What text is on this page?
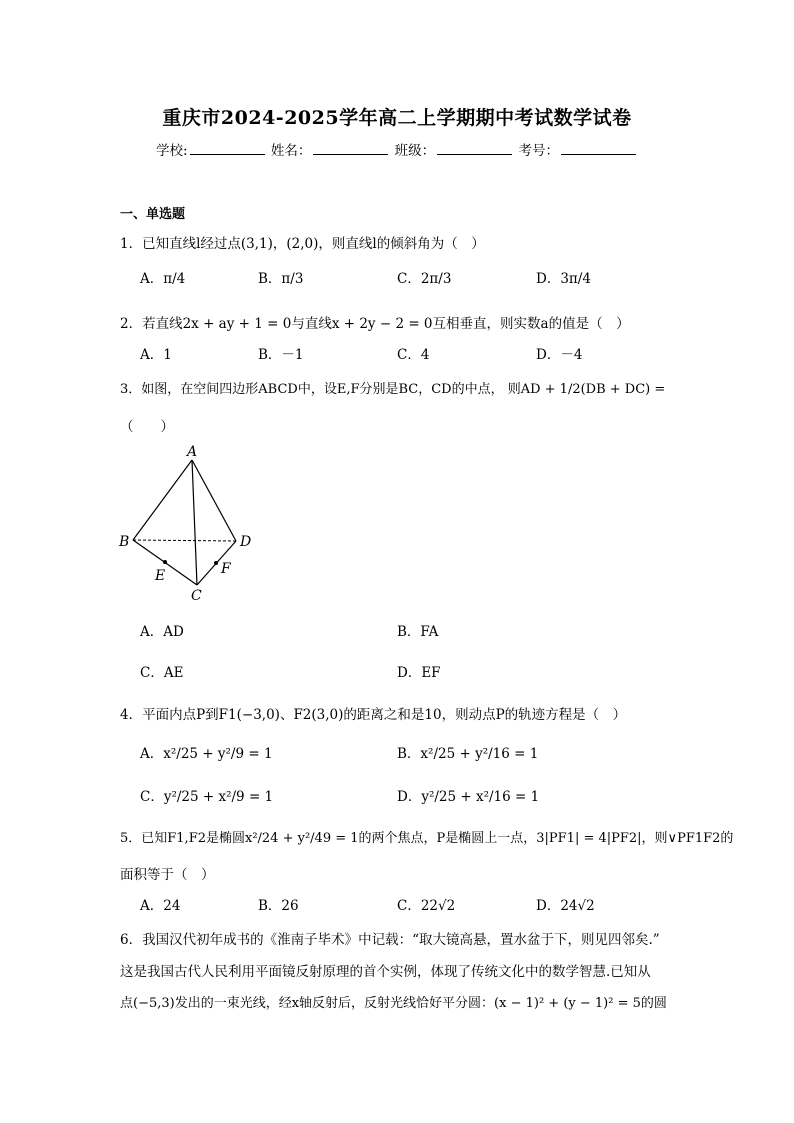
重庆市2024-2025学年高二上学期期中考试数学试卷
学校:	姓名：	班级：	考号：
一、单选题
1．已知直线l经过点(3,1)，(2,0)，则直线l的倾斜角为（　）
A．π/4	B．π/3	C．2π/3	D．3π/4
2．若直线2x + ay + 1 = 0与直线x + 2y − 2 = 0互相垂直，则实数a的值是（　）
A．1	B．－1	C．4	D．－4
3．如图，在空间四边形ABCD中，设E,F分别是BC，CD的中点， 则AD + 1/2(DB + DC) =
（　　）
A
B	D
E	F
C
A．AD	B．FA
C．AE	D．EF
4．平面内点P到F1(−3,0)、F2(3,0)的距离之和是10，则动点P的轨迹方程是（　）
A．x²/25 + y²/9 = 1	B．x²/25 + y²/16 = 1
C．y²/25 + x²/9 = 1	D．y²/25 + x²/16 = 1
5．已知F1,F2是椭圆x²/24 + y²/49 = 1的两个焦点，P是椭圆上一点，3|PF1| = 4|PF2|，则∨PF1F2的
面积等于（　）
A．24	B．26	C．22√2	D．24√2
6．我国汉代初年成书的《淮南子毕术》中记载：“取大镜高悬，置水盆于下，则见四邻矣.”
这是我国古代人民利用平面镜反射原理的首个实例，体现了传统文化中的数学智慧.已知从
点(−5,3)发出的一束光线，经x轴反射后，反射光线恰好平分圆：(x − 1)² + (y − 1)² = 5的圆
